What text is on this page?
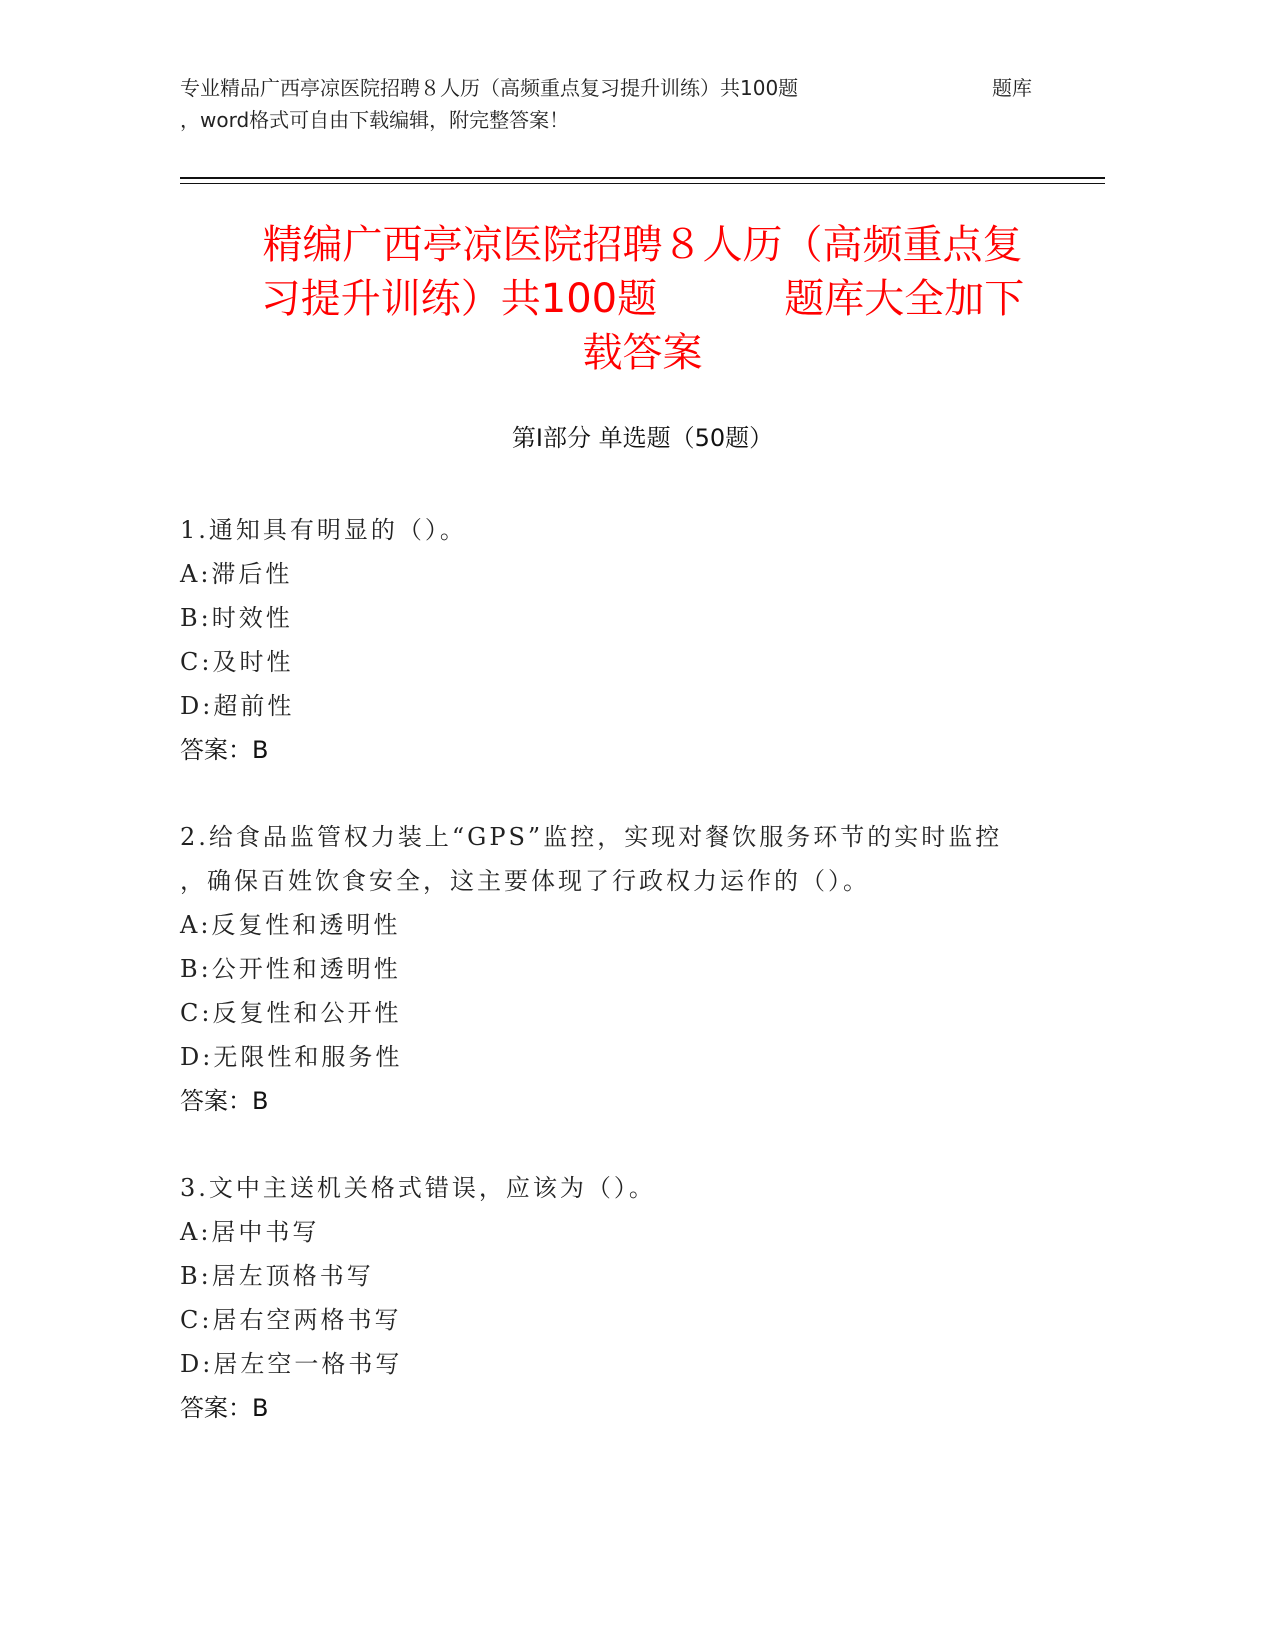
专业精品广西亭凉医院招聘８人历（高频重点复习提升训练）共100题	题库
，word格式可自由下载编辑，附完整答案！
精编广西亭凉医院招聘８人历（高频重点复
习提升训练）共100题          题库大全加下
载答案
第Ⅰ部分 单选题（50题）
1.通知具有明显的（）。
A:滞后性
B:时效性
C:及时性
D:超前性
答案：B
2.给食品监管权力装上“GPS”监控，实现对餐饮服务环节的实时监控
，确保百姓饮食安全，这主要体现了行政权力运作的（）。
A:反复性和透明性
B:公开性和透明性
C:反复性和公开性
D:无限性和服务性
答案：B
3.文中主送机关格式错误，应该为（）。
A:居中书写
B:居左顶格书写
C:居右空两格书写
D:居左空一格书写
答案：B
